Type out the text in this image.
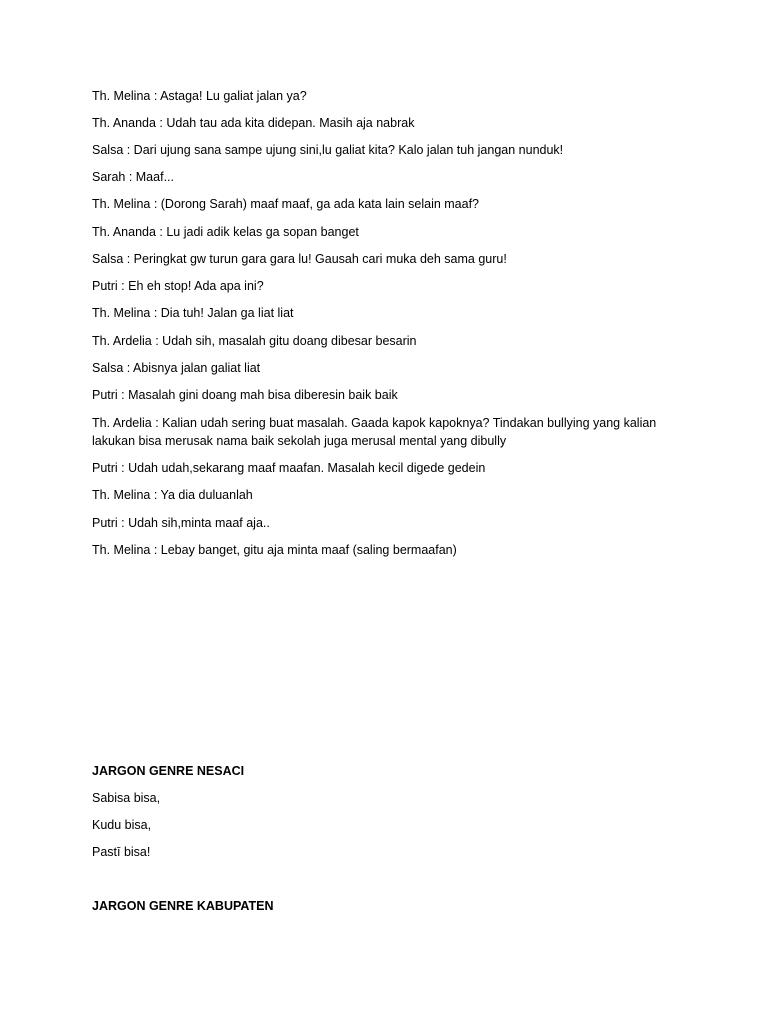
Th. Melina : Astaga! Lu galiat jalan ya?
Th. Ananda : Udah tau ada kita didepan. Masih aja nabrak
Salsa : Dari ujung sana sampe ujung sini,lu galiat kita? Kalo jalan tuh jangan nunduk!
Sarah : Maaf...
Th. Melina : (Dorong Sarah) maaf maaf, ga ada kata lain selain maaf?
Th. Ananda : Lu jadi adik kelas ga sopan banget
Salsa : Peringkat gw turun gara gara lu! Gausah cari muka deh sama guru!
Putri : Eh eh stop! Ada apa ini?
Th. Melina : Dia tuh! Jalan ga liat liat
Th. Ardelia : Udah sih, masalah gitu doang dibesar besarin
Salsa : Abisnya jalan galiat liat
Putri : Masalah gini doang mah bisa diberesin baik baik
Th. Ardelia : Kalian udah sering buat masalah. Gaada kapok kapoknya? Tindakan bullying yang kalian lakukan bisa merusak nama baik sekolah juga merusal mental yang dibully
Putri : Udah udah,sekarang maaf maafan. Masalah kecil digede gedein
Th. Melina : Ya dia duluanlah
Putri : Udah sih,minta maaf aja..
Th. Melina : Lebay banget, gitu aja minta maaf (saling bermaafan)
JARGON GENRE NESACI
Sabisa bisa,
Kudu bisa,
Pastī bisa!
JARGON GENRE KABUPATEN
